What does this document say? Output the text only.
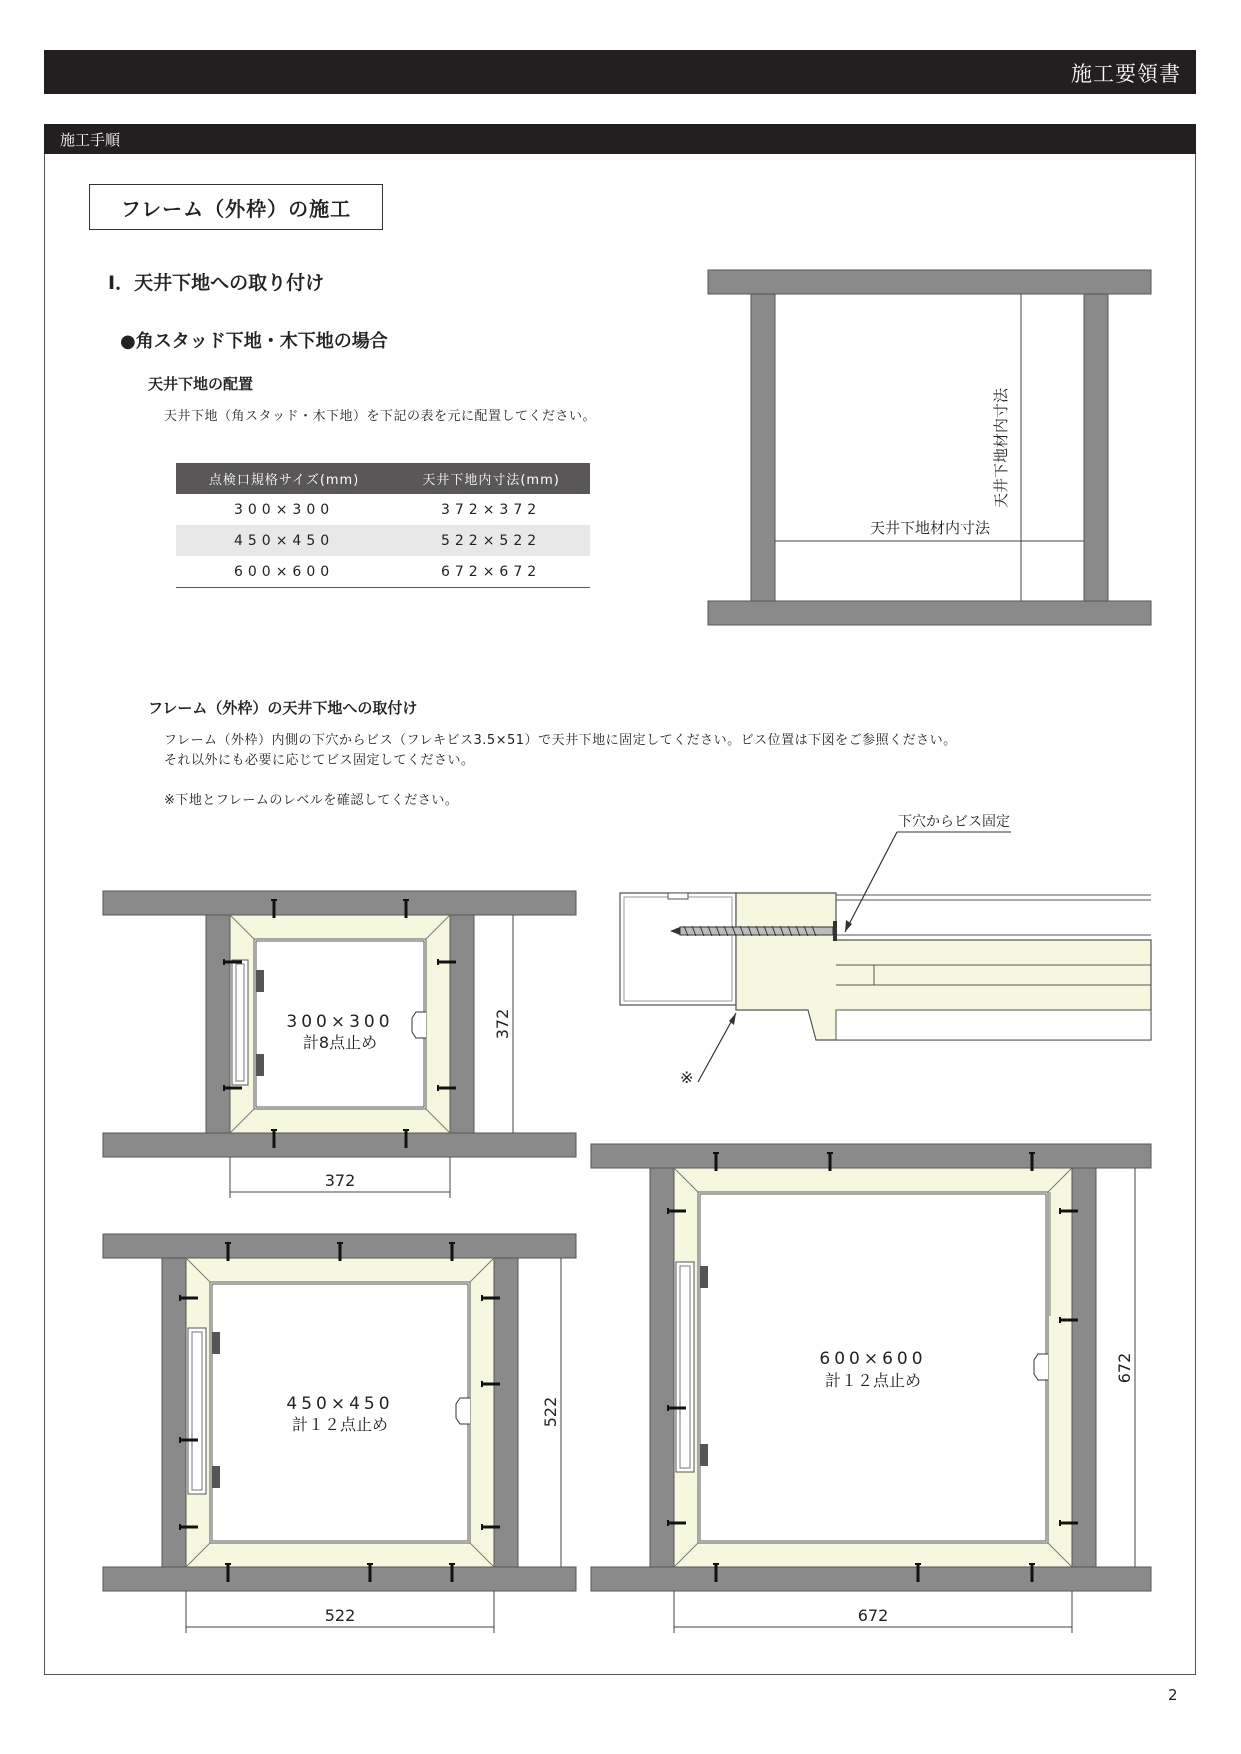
施工要領書
施工手順
フレーム（外枠）の施工
I．天井下地への取り付け
●角スタッド下地・木下地の場合
天井下地の配置
天井下地（角スタッド・木下地）を下記の表を元に配置してください。
点検口規格サイズ(mm)	天井下地内寸法(mm)
300×300	372×372
450×450	522×522
600×600	672×672
フレーム（外枠）の天井下地への取付け
フレーム（外枠）内側の下穴からビス（フレキビス3.5×51）で天井下地に固定してください。ビス位置は下図をご参照ください。
それ以外にも必要に応じてビス固定してください。
※下地とフレームのレベルを確認してください。
2
天井下地材内寸法
天井下地材内寸法
下穴からビス固定
※
372
372
300×300
計8点止め
522
522
450×450
計１２点止め
672
672
600×600
計１２点止め
